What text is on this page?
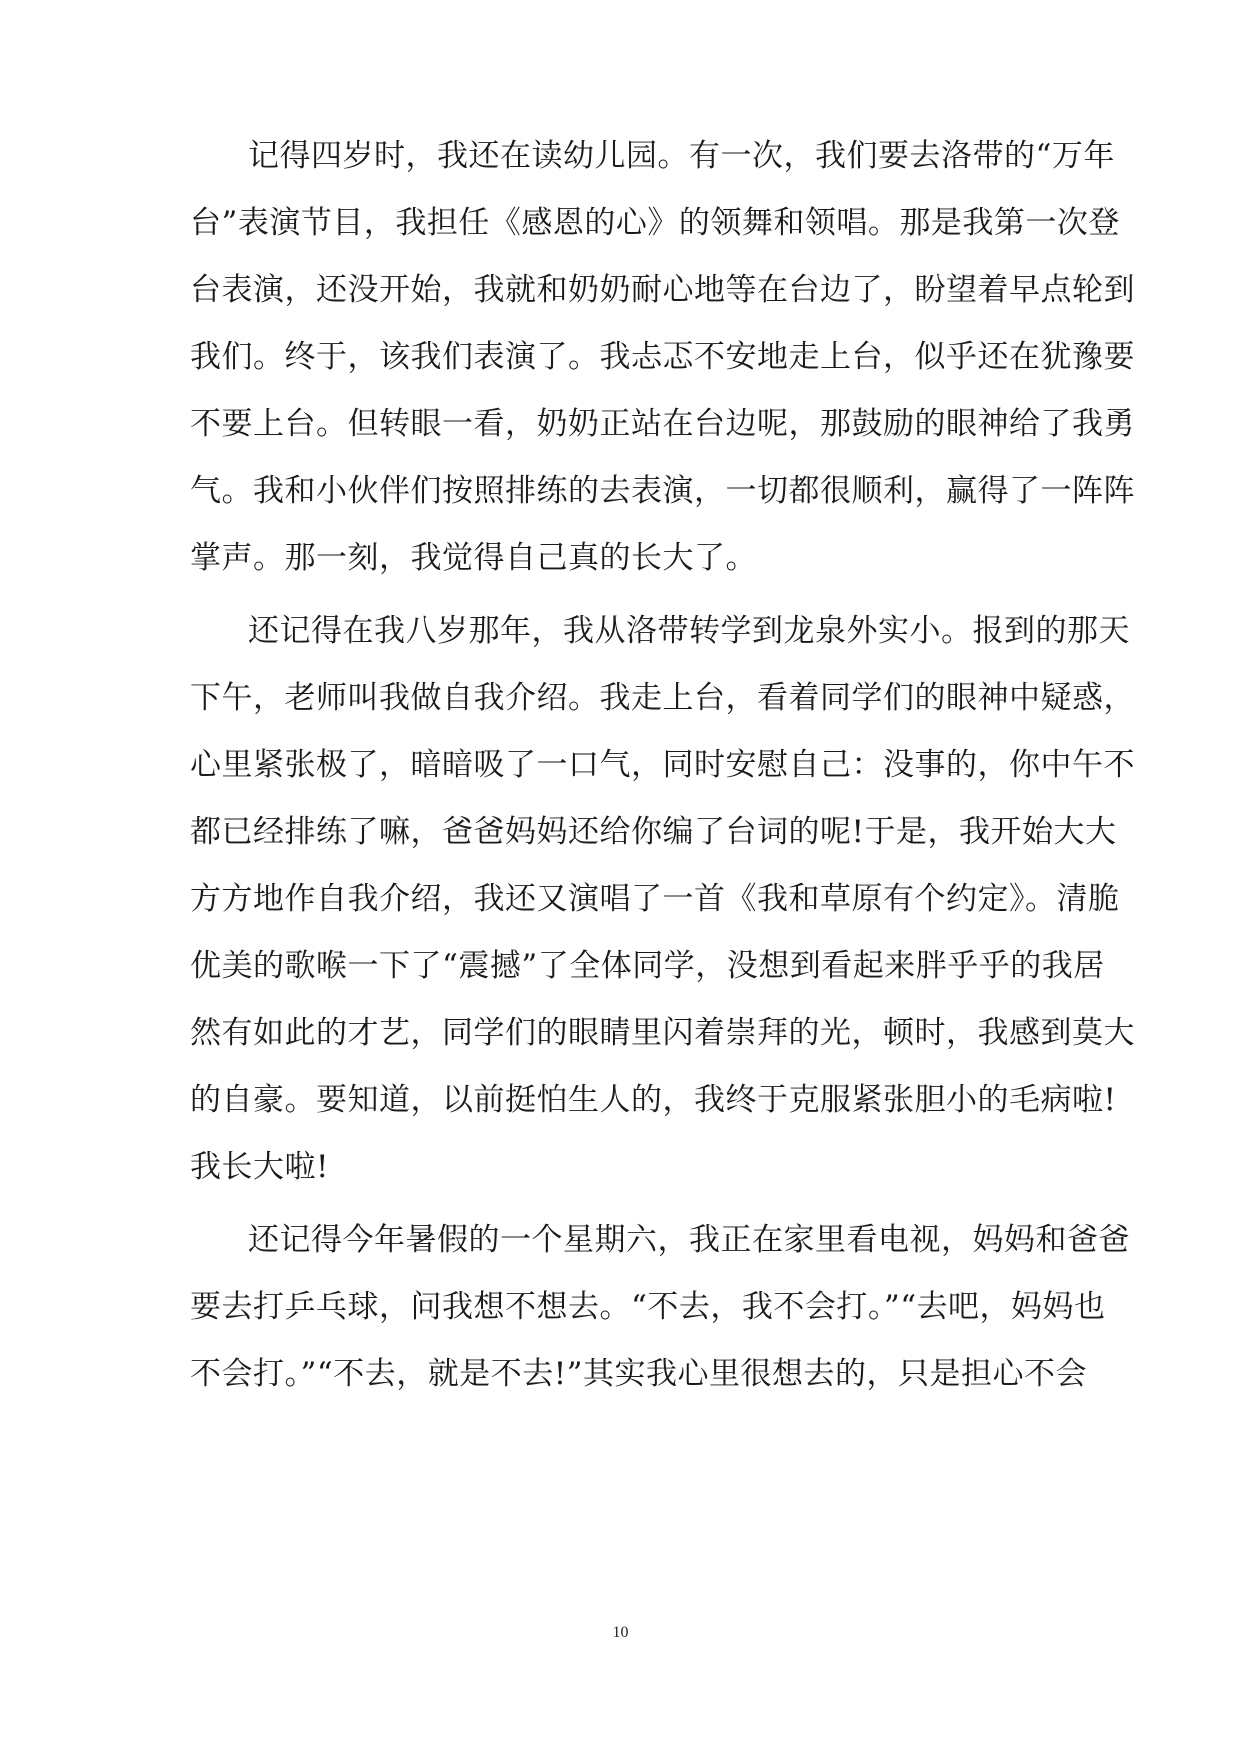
记得四岁时，我还在读幼儿园。有一次，我们要去洛带的“万年
台”表演节目，我担任《感恩的心》的领舞和领唱。那是我第一次登
台表演，还没开始，我就和奶奶耐心地等在台边了，盼望着早点轮到
我们。终于，该我们表演了。我忐忑不安地走上台，似乎还在犹豫要
不要上台。但转眼一看，奶奶正站在台边呢，那鼓励的眼神给了我勇
气。我和小伙伴们按照排练的去表演，一切都很顺利，赢得了一阵阵
掌声。那一刻，我觉得自己真的长大了。
还记得在我八岁那年，我从洛带转学到龙泉外实小。报到的那天
下午，老师叫我做自我介绍。我走上台，看着同学们的眼神中疑惑，
心里紧张极了，暗暗吸了一口气，同时安慰自己：没事的，你中午不
都已经排练了嘛，爸爸妈妈还给你编了台词的呢!于是，我开始大大
方方地作自我介绍，我还又演唱了一首《我和草原有个约定》。清脆
优美的歌喉一下了“震撼”了全体同学，没想到看起来胖乎乎的我居
然有如此的才艺，同学们的眼睛里闪着崇拜的光，顿时，我感到莫大
的自豪。要知道，以前挺怕生人的，我终于克服紧张胆小的毛病啦!
我长大啦!
还记得今年暑假的一个星期六，我正在家里看电视，妈妈和爸爸
要去打乒乓球，问我想不想去。“不去，我不会打。”“去吧，妈妈也
不会打。”“不去，就是不去!”其实我心里很想去的，只是担心不会
10
